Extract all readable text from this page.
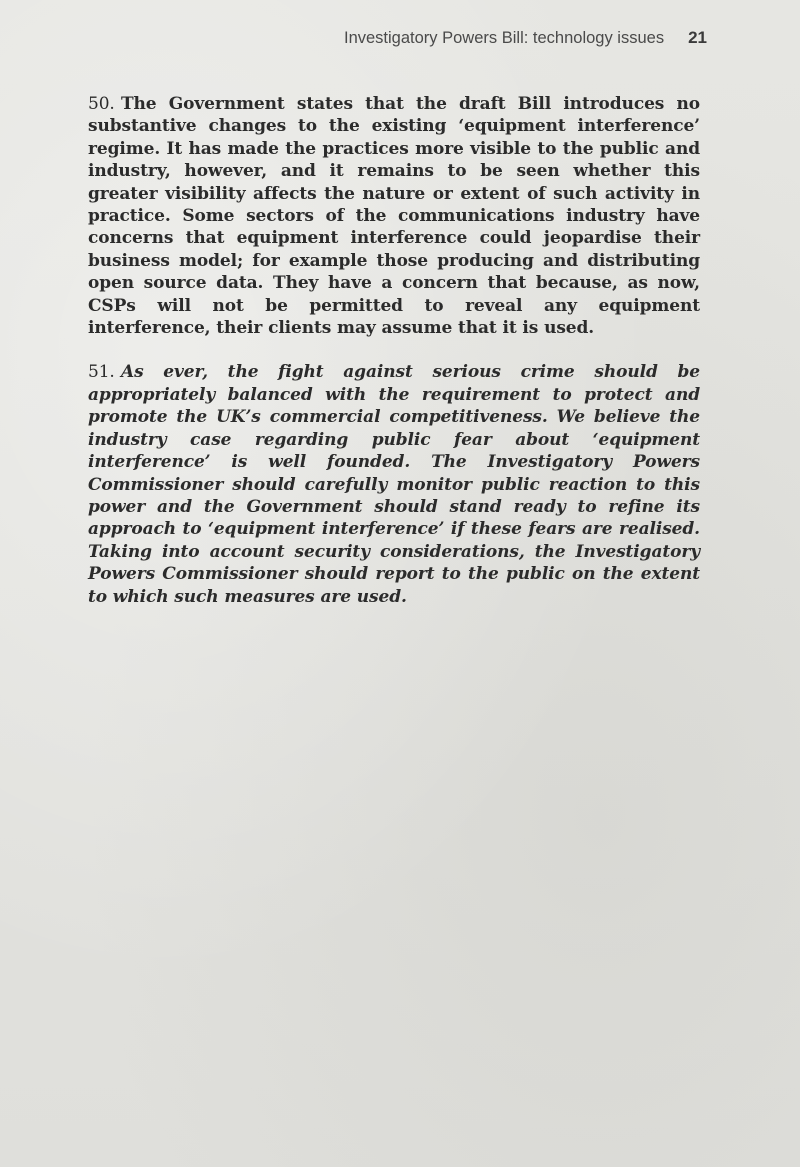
Investigatory Powers Bill: technology issues 21

50. The Government states that the draft Bill introduces no substantive changes to the existing ‘equipment interference’ regime. It has made the practices more visible to the public and industry, however, and it remains to be seen whether this greater visibility affects the nature or extent of such activity in practice. Some sectors of the communications industry have concerns that equipment interference could jeopardise their business model; for example those producing and distributing open source data. They have a concern that because, as now, CSPs will not be permitted to reveal any equipment interference, their clients may assume that it is used.

51. As ever, the fight against serious crime should be appropriately balanced with the requirement to protect and promote the UK’s commercial competitiveness. We believe the industry case regarding public fear about ‘equipment interference’ is well founded. The Investigatory Powers Commissioner should carefully monitor public reaction to this power and the Government should stand ready to refine its approach to ‘equipment interference’ if these fears are realised. Taking into account security considerations, the Investigatory Powers Commissioner should report to the public on the extent to which such measures are used.
